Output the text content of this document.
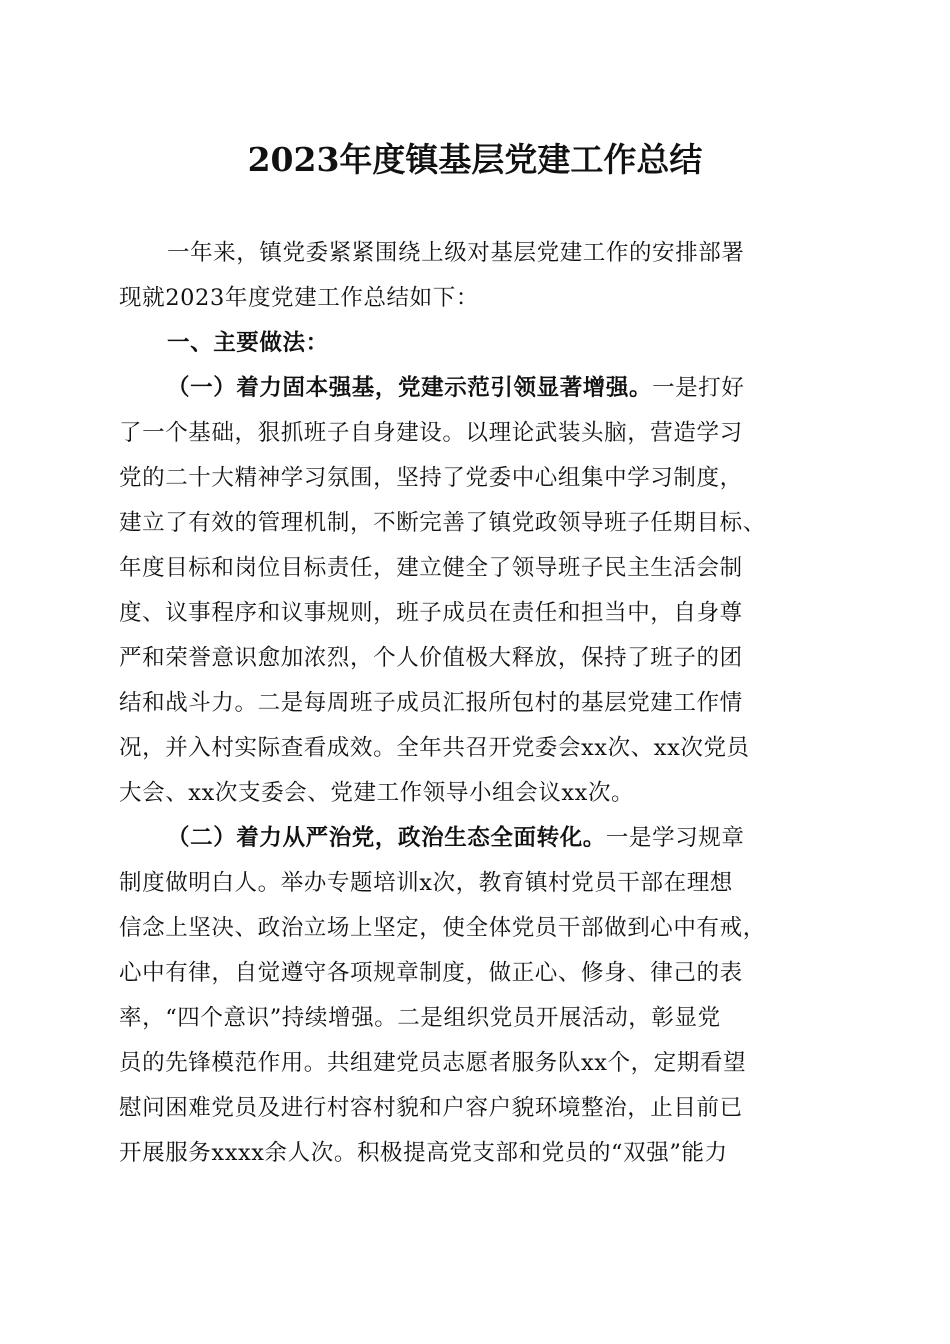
2023年度镇基层党建工作总结
一年来，镇党委紧紧围绕上级对基层党建工作的安排部署
现就2023年度党建工作总结如下：
一、主要做法：
（一）着力固本强基，党建示范引领显著增强。一是打好
了一个基础，狠抓班子自身建设。以理论武装头脑，营造学习
党的二十大精神学习氛围，坚持了党委中心组集中学习制度，
建立了有效的管理机制，不断完善了镇党政领导班子任期目标、
年度目标和岗位目标责任，建立健全了领导班子民主生活会制
度、议事程序和议事规则，班子成员在责任和担当中，自身尊
严和荣誉意识愈加浓烈，个人价值极大释放，保持了班子的团
结和战斗力。二是每周班子成员汇报所包村的基层党建工作情
况，并入村实际查看成效。全年共召开党委会xx次、xx次党员
大会、xx次支委会、党建工作领导小组会议xx次。
（二）着力从严治党，政治生态全面转化。一是学习规章
制度做明白人。举办专题培训x次，教育镇村党员干部在理想
信念上坚决、政治立场上坚定，使全体党员干部做到心中有戒，
心中有律，自觉遵守各项规章制度，做正心、修身、律己的表
率，“四个意识”持续增强。二是组织党员开展活动，彰显党
员的先锋模范作用。共组建党员志愿者服务队xx个，定期看望
慰问困难党员及进行村容村貌和户容户貌环境整治，止目前已
开展服务xxxx余人次。积极提高党支部和党员的“双强”能力
